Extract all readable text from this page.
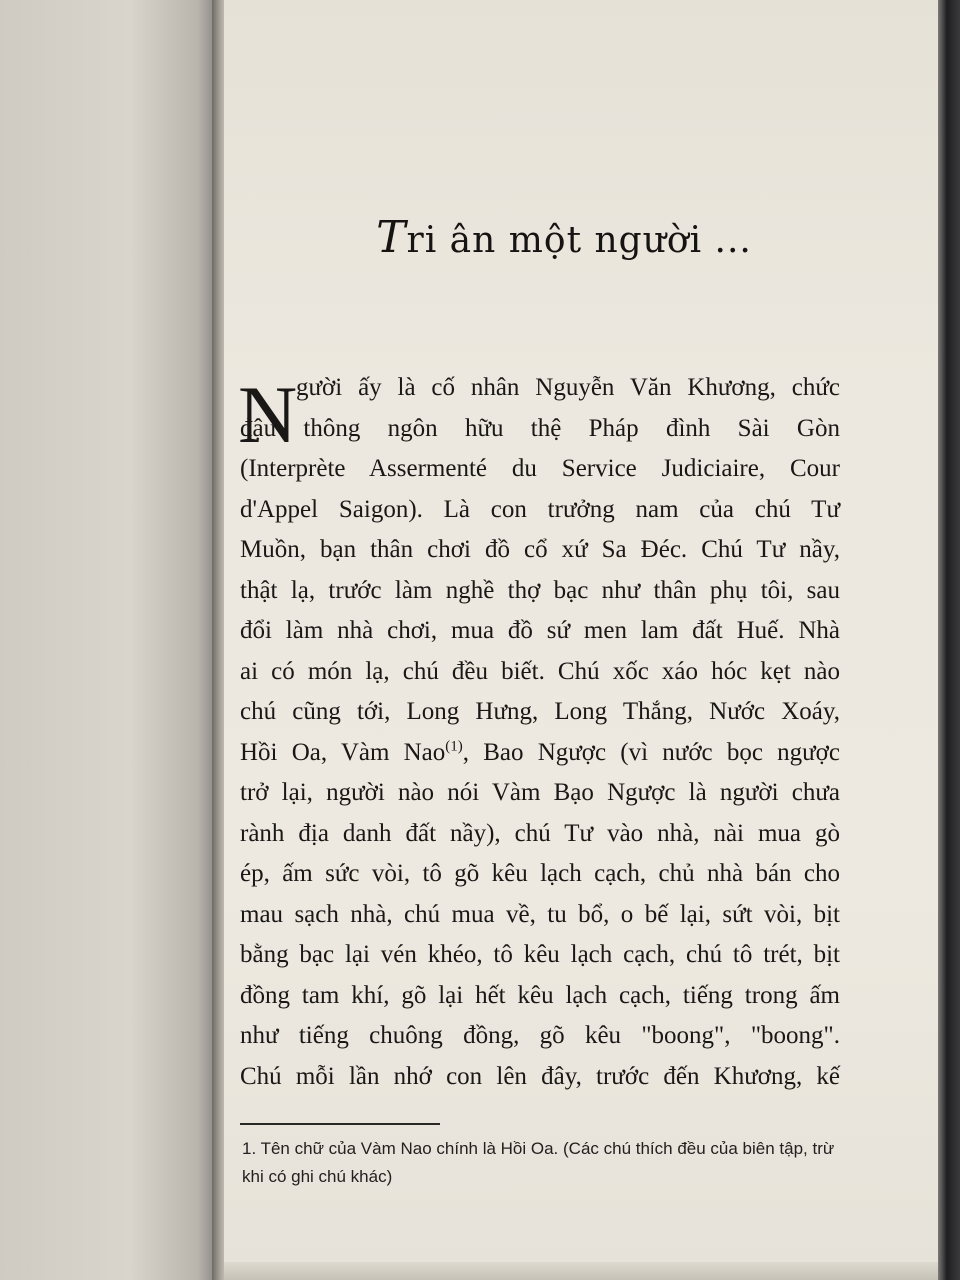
Tri ân một người ...
N
gười ấy là cố nhân Nguyễn Văn Khương, chức
đậu thông ngôn hữu thệ Pháp đình Sài Gòn
(Interprète Assermenté du Service Judiciaire, Cour
d'Appel Saigon). Là con trưởng nam của chú Tư
Muồn, bạn thân chơi đồ cổ xứ Sa Đéc. Chú Tư nầy,
thật lạ, trước làm nghề thợ bạc như thân phụ tôi, sau
đổi làm nhà chơi, mua đồ sứ men lam đất Huế. Nhà
ai có món lạ, chú đều biết. Chú xốc xáo hóc kẹt nào
chú cũng tới, Long Hưng, Long Thắng, Nước Xoáy,
Hồi Oa, Vàm Nao$^{(1)}$, Bao Ngược (vì nước bọc ngược
trở lại, người nào nói Vàm Bạo Ngược là người chưa
rành địa danh đất nầy), chú Tư vào nhà, nài mua gò
ép, ấm sức vòi, tô gõ kêu lạch cạch, chủ nhà bán cho
mau sạch nhà, chú mua về, tu bổ, o bế lại, sứt vòi, bịt
bằng bạc lại vén khéo, tô kêu lạch cạch, chú tô trét, bịt
đồng tam khí, gõ lại hết kêu lạch cạch, tiếng trong ấm
như tiếng chuông đồng, gõ kêu "boong", "boong".
Chú mỗi lần nhớ con lên đây, trước đến Khương, kế
1. Tên chữ của Vàm Nao chính là Hồi Oa. (Các chú thích đều của biên tập, trừ
khi có ghi chú khác)
